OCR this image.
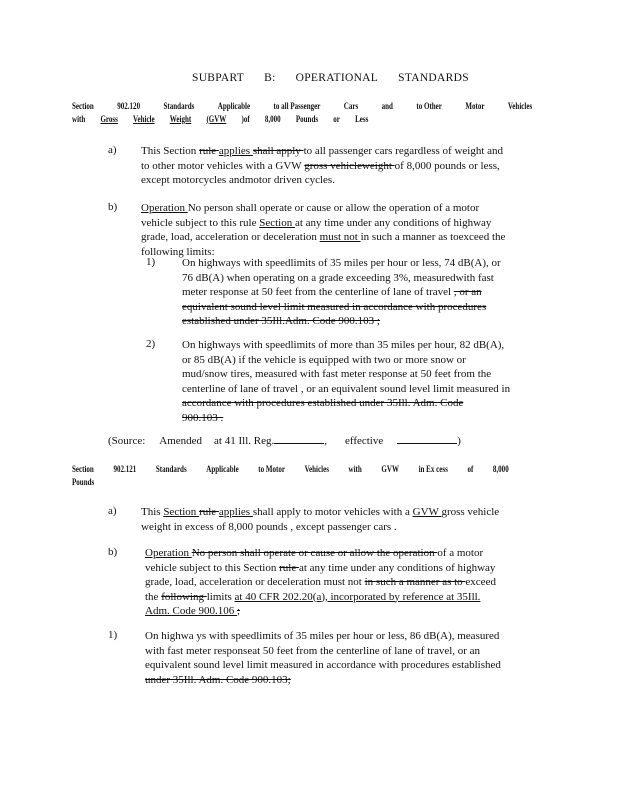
SUBPART B: OPERATIONAL STANDARDS
Section	902.120	Standards	Applicable	to all Passenger	Cars	and	to Other	Motor	Vehicles
with Gross Vehicle Weight (GVW )of 8,000 Pounds or Less
a) This Section rule applies shall apply to all passenger cars regardless of weight and
to other motor vehicles with a GVW gross vehicleweight of 8,000 pounds or less,
except motorcycles andmotor driven cycles.
b) Operation No person shall operate or cause or allow the operation of a motor
vehicle subject to this rule Section at any time under any conditions of highway
grade, load, acceleration or deceleration must not in such a manner as toexceed the
following limits:
1) On highways with speedlimits of 35 miles per hour or less, 74 dB(A), or
76 dB(A) when operating on a grade exceeding 3%, measuredwith fast
meter response at 50 feet from the centerline of lane of travel , or an
equivalent sound level limit measured in accordance with procedures
established under 35Ill.Adm. Code 900.103 ;
2) On highways with speedlimits of more than 35 miles per hour, 82 dB(A),
or 85 dB(A) if the vehicle is equipped with two or more snow or
mud/snow tires, measured with fast meter response at 50 feet from the
centerline of lane of travel , or an equivalent sound level limit measured in
accordance with procedures established under 35Ill. Adm. Code
900.103 .
(Source: Amended at 41 Ill. Reg.	, effective	)
Section 902.121 Standards Applicable to Motor Vehicles with GVW in Ex cess of 8,000
Pounds
a) This Section rule applies shall apply to motor vehicles with a GVW gross vehicle
weight in excess of 8,000 pounds , except passenger cars .
b)	Operation No person shall operate or cause or allow the operation of a motor
vehicle subject to this Section rule at any time under any conditions of highway
grade, load, acceleration or deceleration must not in such a manner as to exceed
the following limits at 40 CFR 202.20(a), incorporated by reference at 35Ill.
Adm. Code 900.106 ;
1)	On highwa ys with speedlimits of 35 miles per hour or less, 86 dB(A), measured
with fast meter responseat 50 feet from the centerline of lane of travel, or an
equivalent sound level limit measured in accordance with procedures established
under 35Ill. Adm. Code 900.103;
